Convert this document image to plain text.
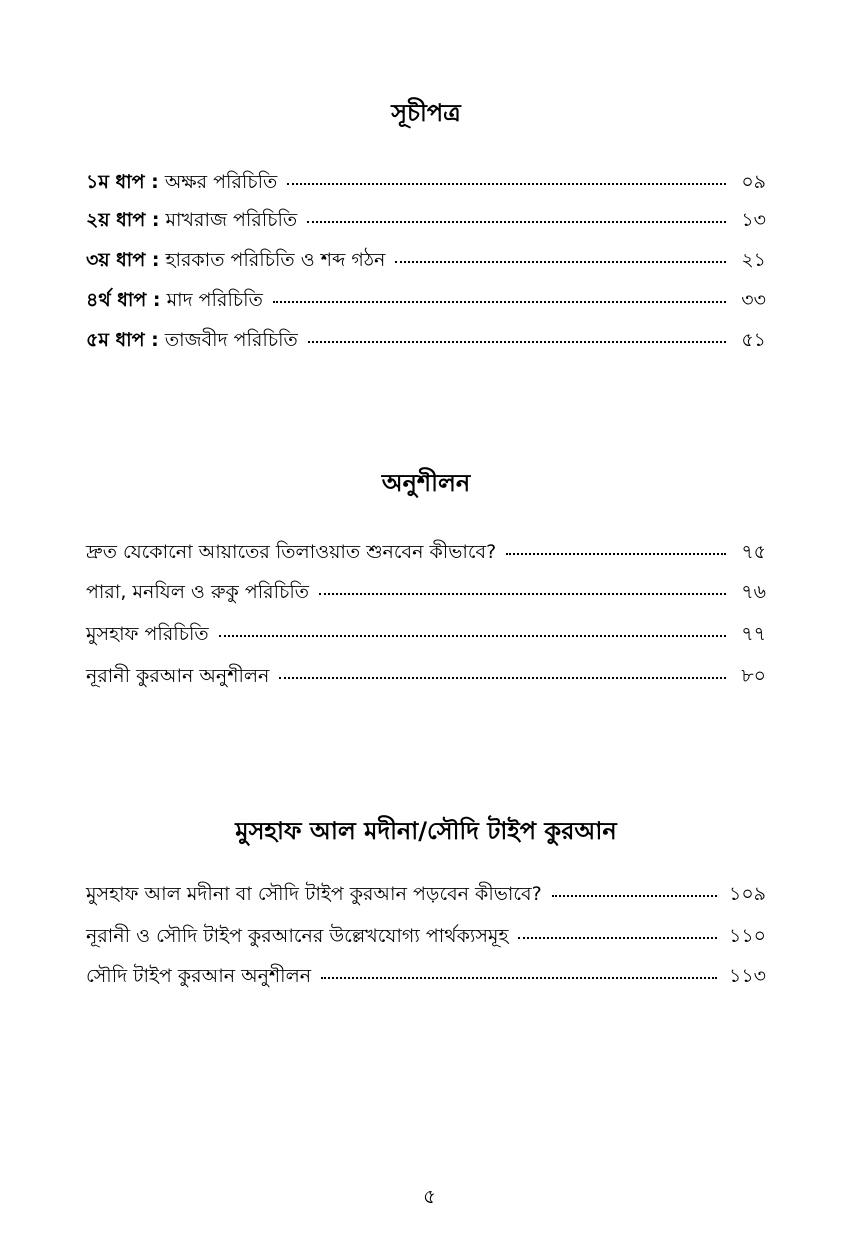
সূচীপত্র
১ম ধাপ : অক্ষর পরিচিতি	০৯
২য় ধাপ : মাখরাজ পরিচিতি	১৩
৩য় ধাপ : হারকাত পরিচিতি ও শব্দ গঠন	২১
৪র্থ ধাপ : মাদ পরিচিতি	৩৩
৫ম ধাপ : তাজবীদ পরিচিতি	৫১
অনুশীলন
দ্রুত যেকোনো আয়াতের তিলাওয়াত শুনবেন কীভাবে?	৭৫
পারা, মনযিল ও রুকু পরিচিতি	৭৬
মুসহাফ পরিচিতি	৭৭
নূরানী কুরআন অনুশীলন	৮০
মুসহাফ আল মদীনা/সৌদি টাইপ কুরআন
মুসহাফ আল মদীনা বা সৌদি টাইপ কুরআন পড়বেন কীভাবে?	১০৯
নূরানী ও সৌদি টাইপ কুরআনের উল্লেখযোগ্য পার্থক্যসমূহ	১১০
সৌদি টাইপ কুরআন অনুশীলন	১১৩
৫
